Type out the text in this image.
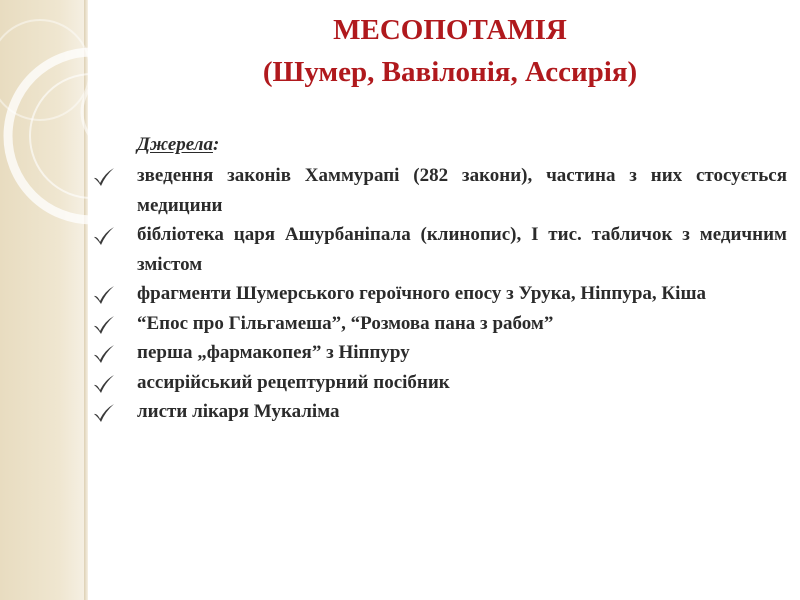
МЕСОПОТАМІЯ
(Шумер, Вавілонія, Ассирія)
Джерела:
зведення законів Хаммурапі (282 закони), частина з них стосується медицини
бібліотека царя Ашурбаніпала (клинопис), І тис. табличок з медичним змістом
фрагменти Шумерського героїчного епосу з Урука, Ніппура, Кіша
“Епос про Гільгамеша”, “Розмова пана з рабом”
перша „фармакопея” з Ніппуру
ассирійський рецептурний посібник
листи лікаря Мукаліма
